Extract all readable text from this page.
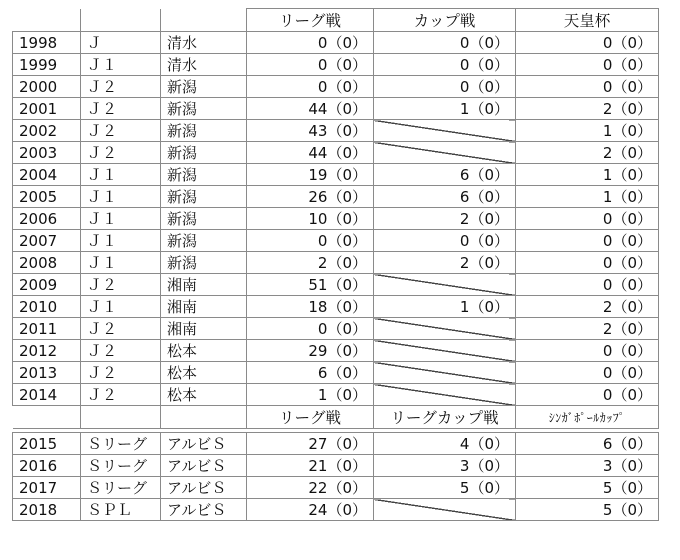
			リーグ戦	カップ戦	天皇杯
1998	Ｊ	清水	0（0）	0（0）	0（0）
1999	Ｊ１	清水	0（0）	0（0）	0（0）
2000	Ｊ２	新潟	0（0）	0（0）	0（0）
2001	Ｊ２	新潟	44（0）	1（0）	2（0）
2002	Ｊ２	新潟	43（0）		1（0）
2003	Ｊ２	新潟	44（0）		2（0）
2004	Ｊ１	新潟	19（0）	6（0）	1（0）
2005	Ｊ１	新潟	26（0）	6（0）	1（0）
2006	Ｊ１	新潟	10（0）	2（0）	0（0）
2007	Ｊ１	新潟	0（0）	0（0）	0（0）
2008	Ｊ１	新潟	2（0）	2（0）	0（0）
2009	Ｊ２	湘南	51（0）		0（0）
2010	Ｊ１	湘南	18（0）	1（0）	2（0）
2011	Ｊ２	湘南	0（0）		2（0）
2012	Ｊ２	松本	29（0）		0（0）
2013	Ｊ２	松本	6（0）		0（0）
2014	Ｊ２	松本	1（0）		0（0）
			リーグ戦	リーグカップ戦	ｼﾝｶﾞﾎﾟｰﾙｶｯﾌﾟ

2015	Ｓリーグ	アルビＳ	27（0）	4（0）	6（0）
2016	Ｓリーグ	アルビＳ	21（0）	3（0）	3（0）
2017	Ｓリーグ	アルビＳ	22（0）	5（0）	5（0）
2018	ＳＰＬ	アルビＳ	24（0）		5（0）
